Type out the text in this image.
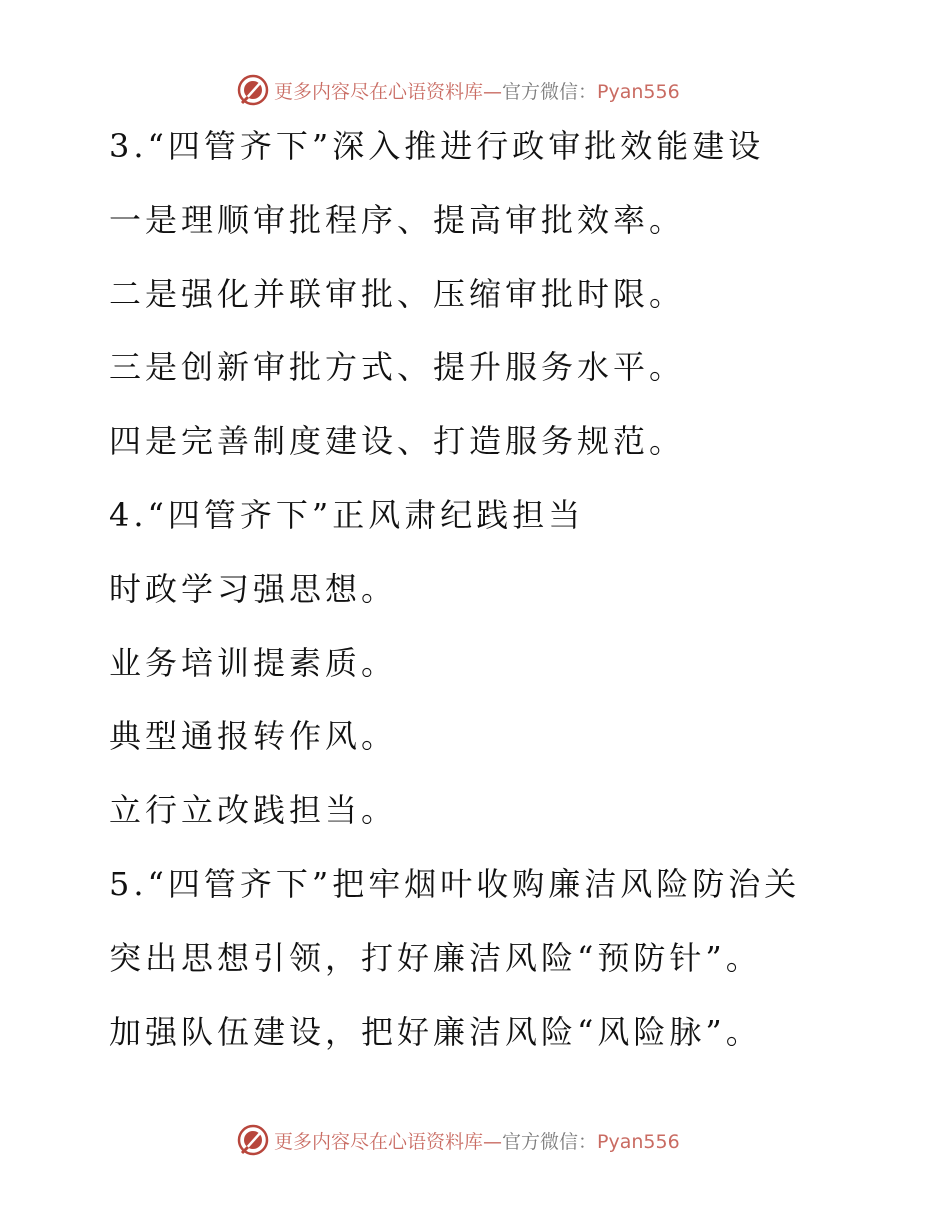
更多内容尽在心语资料库—官方微信：Pyan556
3.“四管齐下”深入推进行政审批效能建设
一是理顺审批程序、提高审批效率。
二是强化并联审批、压缩审批时限。
三是创新审批方式、提升服务水平。
四是完善制度建设、打造服务规范。
4.“四管齐下”正风肃纪践担当
时政学习强思想。
业务培训提素质。
典型通报转作风。
立行立改践担当。
5.“四管齐下”把牢烟叶收购廉洁风险防治关
突出思想引领，打好廉洁风险“预防针”。
加强队伍建设，把好廉洁风险“风险脉”。
更多内容尽在心语资料库—官方微信：Pyan556
